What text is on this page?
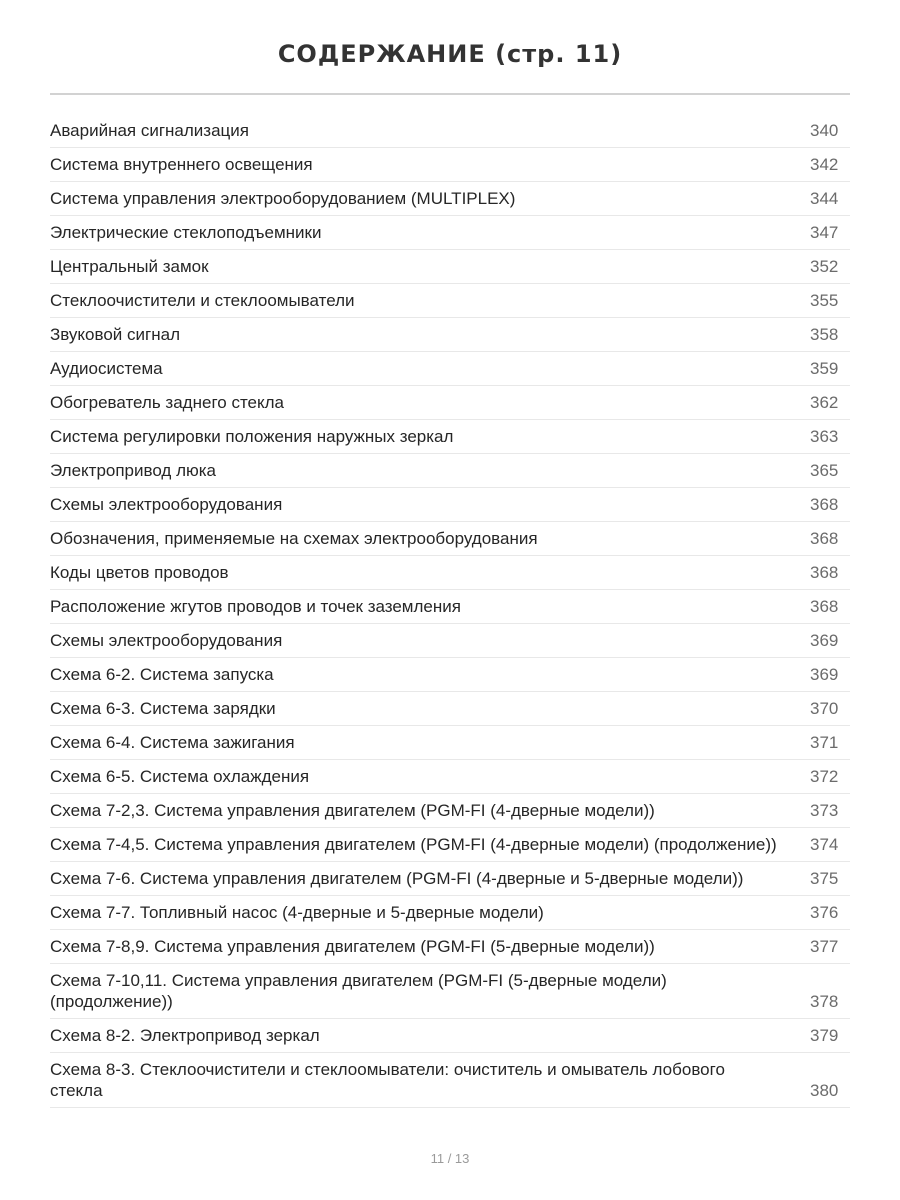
СОДЕРЖАНИЕ (стр. 11)
Аварийная сигнализация	340
Система внутреннего освещения	342
Система управления электрооборудованием (MULTIPLEX)	344
Электрические стеклоподъемники	347
Центральный замок	352
Стеклоочистители и стеклоомыватели	355
Звуковой сигнал	358
Аудиосистема	359
Обогреватель заднего стекла	362
Система регулировки положения наружных зеркал	363
Электропривод люка	365
Схемы электрооборудования	368
Обозначения, применяемые на схемах электрооборудования	368
Коды цветов проводов	368
Расположение жгутов проводов и точек заземления	368
Схемы электрооборудования	369
Схема 6-2. Система запуска	369
Схема 6-3. Система зарядки	370
Схема 6-4. Система зажигания	371
Схема 6-5. Система охлаждения	372
Схема 7-2,3. Система управления двигателем (PGM-FI (4-дверные модели))	373
Схема 7-4,5. Система управления двигателем (PGM-FI (4-дверные модели) (продолжение))	374
Схема 7-6. Система управления двигателем (PGM-FI (4-дверные и 5-дверные модели))	375
Схема 7-7. Топливный насос (4-дверные и 5-дверные модели)	376
Схема 7-8,9. Система управления двигателем (PGM-FI (5-дверные модели))	377
Схема 7-10,11. Система управления двигателем (PGM-FI (5-дверные модели) (продолжение))	378
Схема 8-2. Электропривод зеркал	379
Схема 8-3. Стеклоочистители и стеклоомыватели: очиститель и омыватель лобового стекла	380
11 / 13
